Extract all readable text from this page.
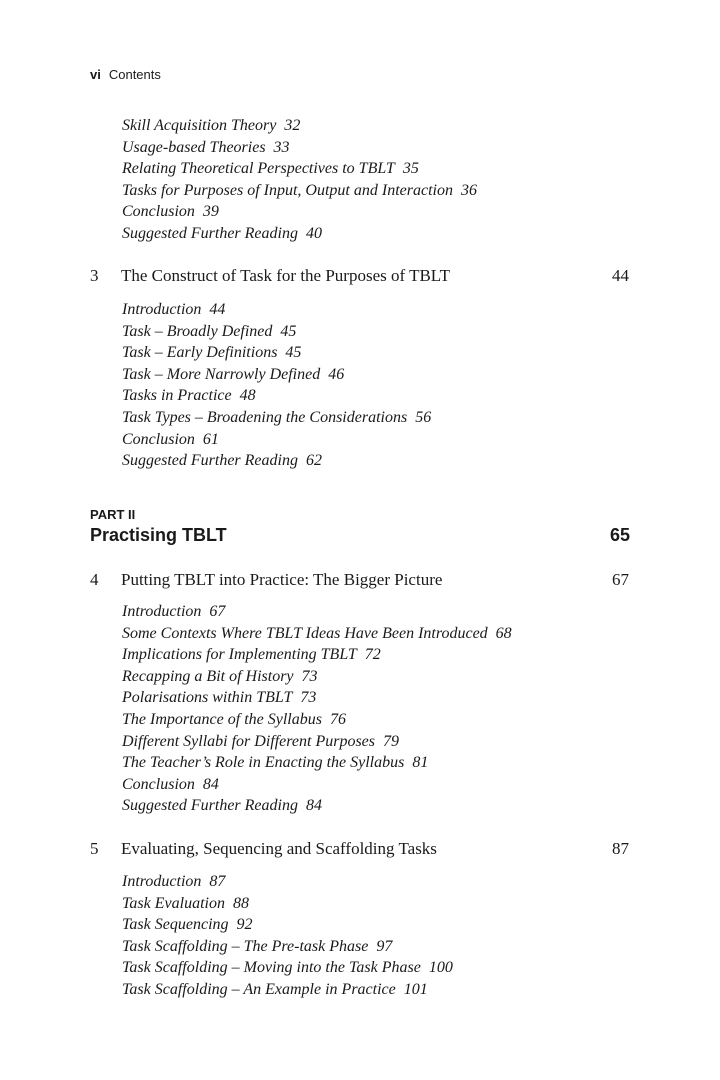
vi Contents
Skill Acquisition Theory 32
Usage-based Theories 33
Relating Theoretical Perspectives to TBLT 35
Tasks for Purposes of Input, Output and Interaction 36
Conclusion 39
Suggested Further Reading 40
3 The Construct of Task for the Purposes of TBLT	44
Introduction 44
Task – Broadly Defined 45
Task – Early Definitions 45
Task – More Narrowly Defined 46
Tasks in Practice 48
Task Types – Broadening the Considerations 56
Conclusion 61
Suggested Further Reading 62
PART II
Practising TBLT	65
4 Putting TBLT into Practice: The Bigger Picture	67
Introduction 67
Some Contexts Where TBLT Ideas Have Been Introduced 68
Implications for Implementing TBLT 72
Recapping a Bit of History 73
Polarisations within TBLT 73
The Importance of the Syllabus 76
Different Syllabi for Different Purposes 79
The Teacher’s Role in Enacting the Syllabus 81
Conclusion 84
Suggested Further Reading 84
5 Evaluating, Sequencing and Scaffolding Tasks	87
Introduction 87
Task Evaluation 88
Task Sequencing 92
Task Scaffolding – The Pre-task Phase 97
Task Scaffolding – Moving into the Task Phase 100
Task Scaffolding – An Example in Practice 101
